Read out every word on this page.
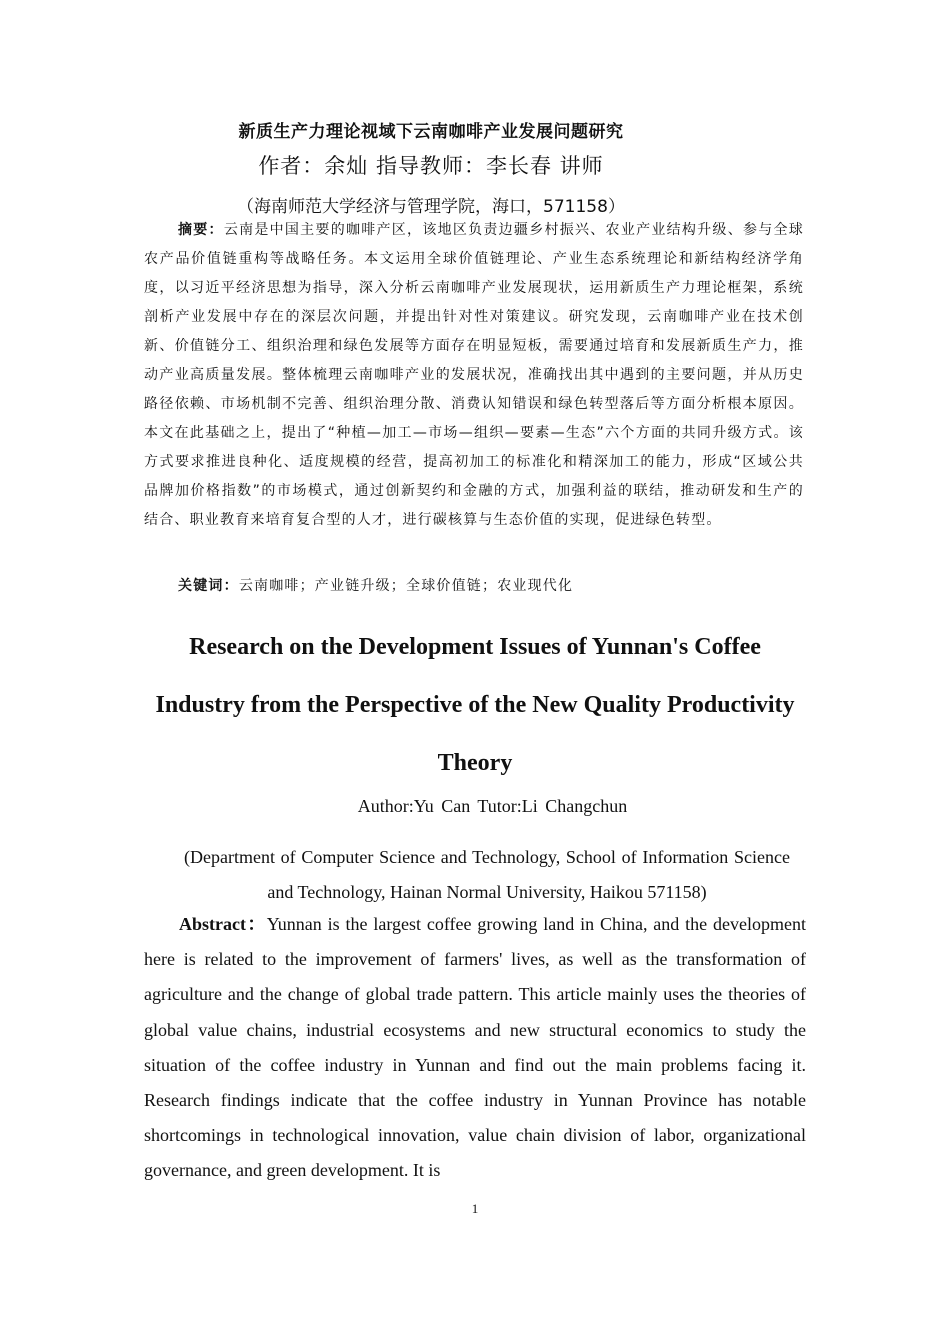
新质生产力理论视域下云南咖啡产业发展问题研究
作者：余灿 指导教师：李长春 讲师
（海南师范大学经济与管理学院，海口，571158）
摘要：云南是中国主要的咖啡产区，该地区负责边疆乡村振兴、农业产业结构升级、参与全球农产品价值链重构等战略任务。本文运用全球价值链理论、产业生态系统理论和新结构经济学角度，以习近平经济思想为指导，深入分析云南咖啡产业发展现状，运用新质生产力理论框架，系统剖析产业发展中存在的深层次问题，并提出针对性对策建议。研究发现，云南咖啡产业在技术创新、价值链分工、组织治理和绿色发展等方面存在明显短板，需要通过培育和发展新质生产力，推动产业高质量发展。整体梳理云南咖啡产业的发展状况，准确找出其中遇到的主要问题，并从历史路径依赖、市场机制不完善、组织治理分散、消费认知错误和绿色转型落后等方面分析根本原因。本文在此基础之上，提出了“种植—加工—市场—组织—要素—生态”六个方面的共同升级方式。该方式要求推进良种化、适度规模的经营，提高初加工的标准化和精深加工的能力，形成“区域公共品牌加价格指数”的市场模式，通过创新契约和金融的方式，加强利益的联结，推动研发和生产的结合、职业教育来培育复合型的人才，进行碳核算与生态价值的实现，促进绿色转型。
关键词：云南咖啡；产业链升级；全球价值链；农业现代化
Research on the Development Issues of Yunnan's Coffee Industry from the Perspective of the New Quality Productivity Theory
Author:Yu Can Tutor:Li Changchun
(Department of Computer Science and Technology, School of Information Science and Technology, Hainan Normal University, Haikou 571158)
Abstract：Yunnan is the largest coffee growing land in China, and the development here is related to the improvement of farmers' lives, as well as the transformation of agriculture and the change of global trade pattern. This article mainly uses the theories of global value chains, industrial ecosystems and new structural economics to study the situation of the coffee industry in Yunnan and find out the main problems facing it. Research findings indicate that the coffee industry in Yunnan Province has notable shortcomings in technological innovation, value chain division of labor, organizational governance, and green development. It is
1
